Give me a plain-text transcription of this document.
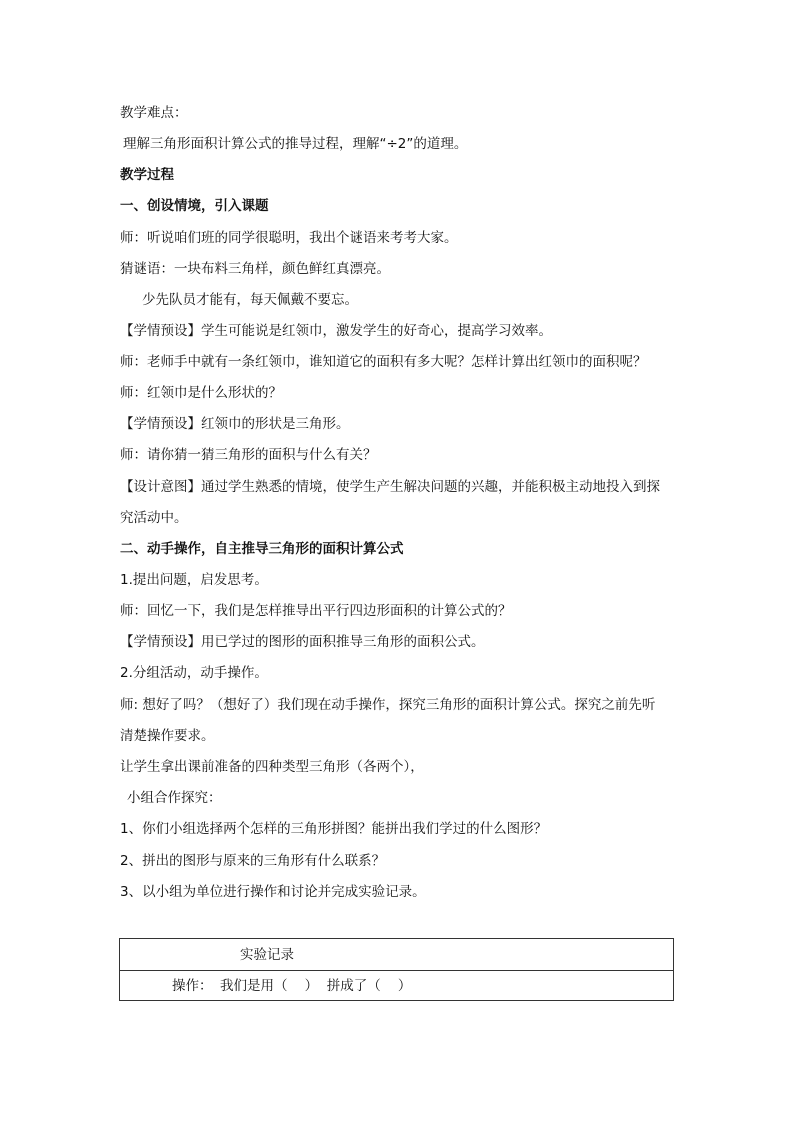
教学难点：
理解三角形面积计算公式的推导过程，理解“÷2”的道理。
教学过程
一、创设情境，引入课题
师：听说咱们班的同学很聪明，我出个谜语来考考大家。
猜谜语：一块布料三角样，颜色鲜红真漂亮。
少先队员才能有，每天佩戴不要忘。
【学情预设】学生可能说是红领巾，激发学生的好奇心，提高学习效率。
师：老师手中就有一条红领巾，谁知道它的面积有多大呢？怎样计算出红领巾的面积呢？
师：红领巾是什么形状的？
【学情预设】红领巾的形状是三角形。
师：请你猜一猜三角形的面积与什么有关？
【设计意图】通过学生熟悉的情境，使学生产生解决问题的兴趣，并能积极主动地投入到探
究活动中。
二、动手操作，自主推导三角形的面积计算公式
1.提出问题，启发思考。
师：回忆一下，我们是怎样推导出平行四边形面积的计算公式的？
【学情预设】用已学过的图形的面积推导三角形的面积公式。
2.分组活动，动手操作。
师: 想好了吗？（想好了）我们现在动手操作，探究三角形的面积计算公式。探究之前先听
清楚操作要求。
让学生拿出课前准备的四种类型三角形（各两个），
小组合作探究：
1、你们小组选择两个怎样的三角形拼图？能拼出我们学过的什么图形？
2、拼出的图形与原来的三角形有什么联系？
3、以小组为单位进行操作和讨论并完成实验记录。
实验记录
操作： 我们是用（    ）  拼成了（    ）
